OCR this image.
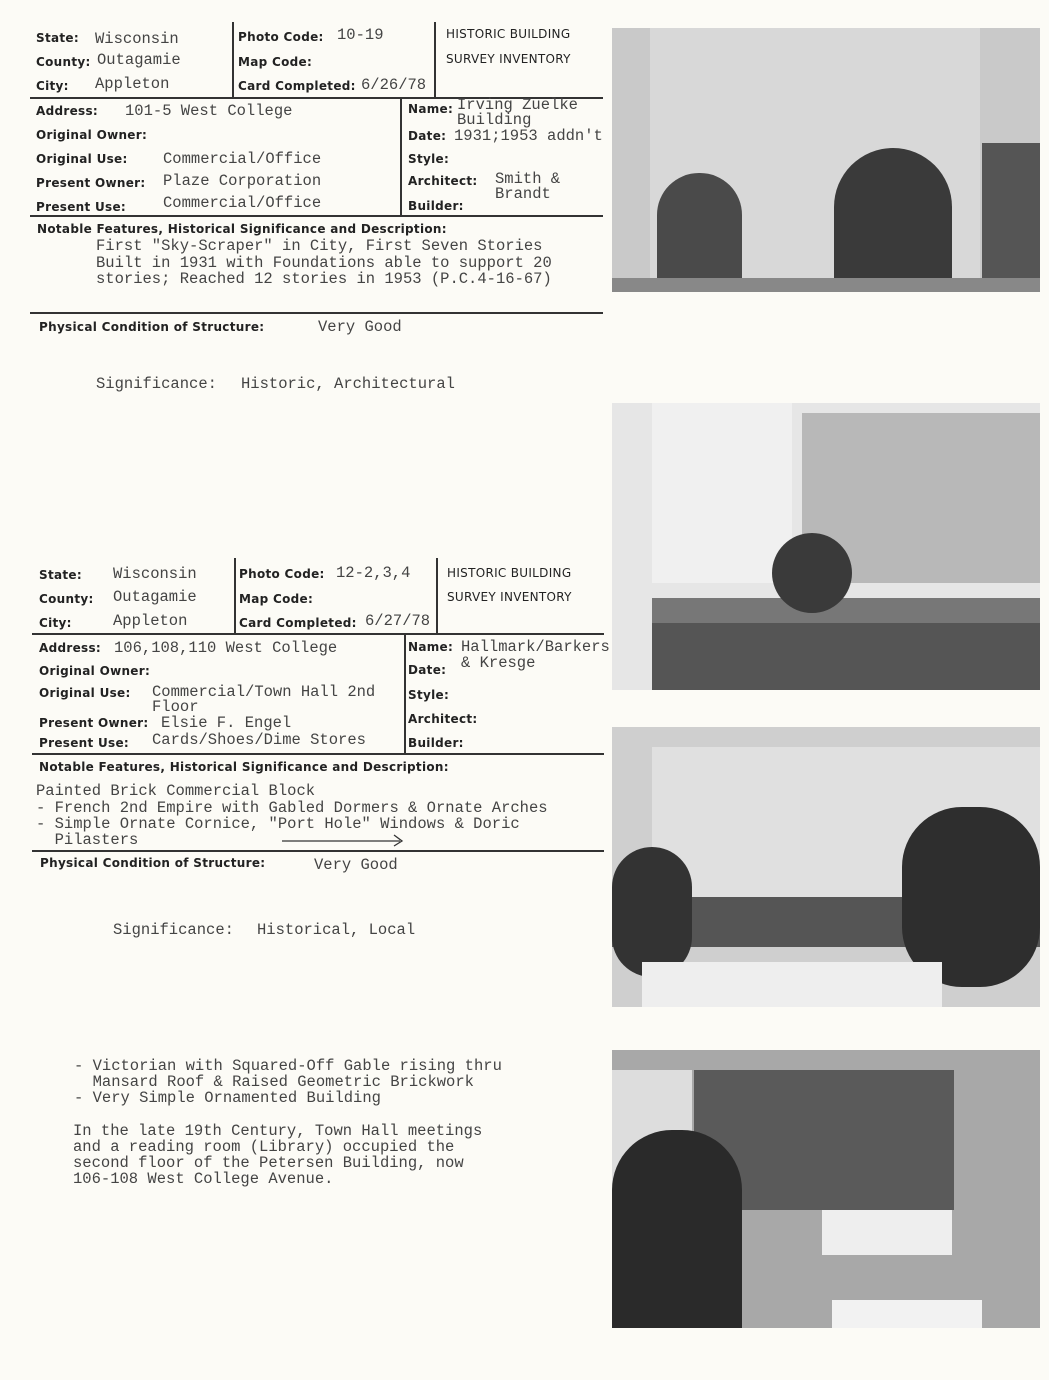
State: Wisconsin
County: Outagamie
City: Appleton
Photo Code: 10-19
Map Code:
Card Completed: 6/26/78
HISTORIC BUILDING
SURVEY INVENTORY
Address: 101-5 West College
Original Owner:
Original Use: Commercial/Office
Present Owner: Plaze Corporation
Present Use: Commercial/Office
Name: Irving Zuelke
Building
Date: 1931;1953 addn't
Style:
Architect: Smith &
Brandt
Builder:
Notable Features, Historical Significance and Description:
First "Sky-Scraper" in City, First Seven Stories
Built in 1931 with Foundations able to support 20
stories; Reached 12 stories in 1953 (P.C.4-16-67)
Physical Condition of Structure:	Very Good
Significance: Historic, Architectural
State: Wisconsin
County: Outagamie
City:	Appleton
Photo Code: 12-2,3,4
Map Code:
Card Completed: 6/27/78
HISTORIC BUILDING
SURVEY INVENTORY
Address: 106,108,110 West College
Original Owner:
Original Use: Commercial/Town Hall 2nd
Floor
Present Owner: Elsie F. Engel
Present Use: Cards/Shoes/Dime Stores
Name: Hallmark/Barkers
& Kresge
Date:
Style:
Architect:
Builder:
Notable Features, Historical Significance and Description:
Painted Brick Commercial Block
- French 2nd Empire with Gabled Dormers & Ornate Arches
- Simple Ornate Cornice, "Port Hole" Windows & Doric
Pilasters
Physical Condition of Structure:	Very Good
Significance: Historical, Local
- Victorian with Squared-Off Gable rising thru
Mansard Roof & Raised Geometric Brickwork
- Very Simple Ornamented Building
In the late 19th Century, Town Hall meetings
and a reading room (Library) occupied the
second floor of the Petersen Building, now
106-108 West College Avenue.
